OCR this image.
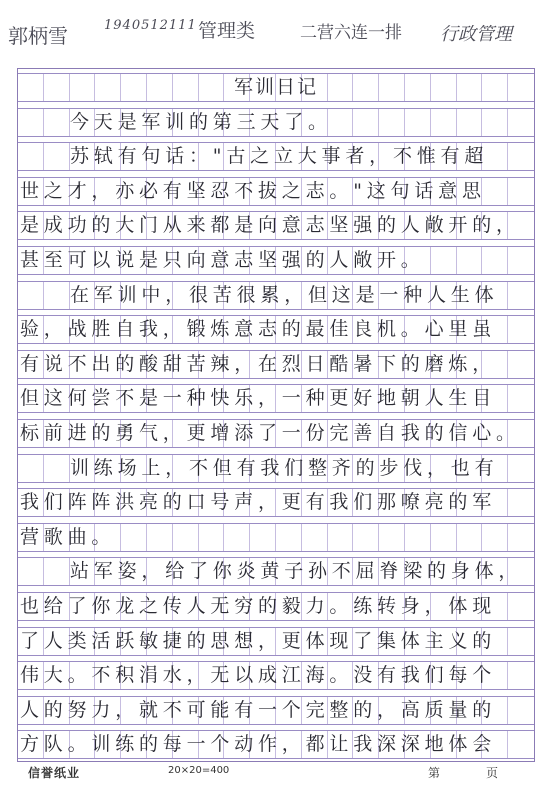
郭柄雪	1940512111 管理类	二营六连一排 行政管理
军训日记
今天是军训的第三天了。
苏轼有句话："古之立大事者，不惟有超
世之才，亦必有坚忍不拔之志。"这句话意思
是成功的大门从来都是向意志坚强的人敞开的，
甚至可以说是只向意志坚强的人敞开。
在军训中，很苦很累，但这是一种人生体
验，战胜自我，锻炼意志的最佳良机。心里虽
有说不出的酸甜苦辣，在烈日酷暑下的磨炼，
但这何尝不是一种快乐，一种更好地朝人生目
标前进的勇气，更增添了一份完善自我的信心。
训练场上，不但有我们整齐的步伐，也有
我们阵阵洪亮的口号声，更有我们那嘹亮的军
营歌曲。
站军姿，给了你炎黄子孙不屈脊梁的身体，
也给了你龙之传人无穷的毅力。练转身，体现
了人类活跃敏捷的思想，更体现了集体主义的
伟大。不积涓水，无以成江海。没有我们每个
人的努力，就不可能有一个完整的，高质量的
方队。训练的每一个动作，都让我深深地体会
信誉纸业	20×20=400	第	页
